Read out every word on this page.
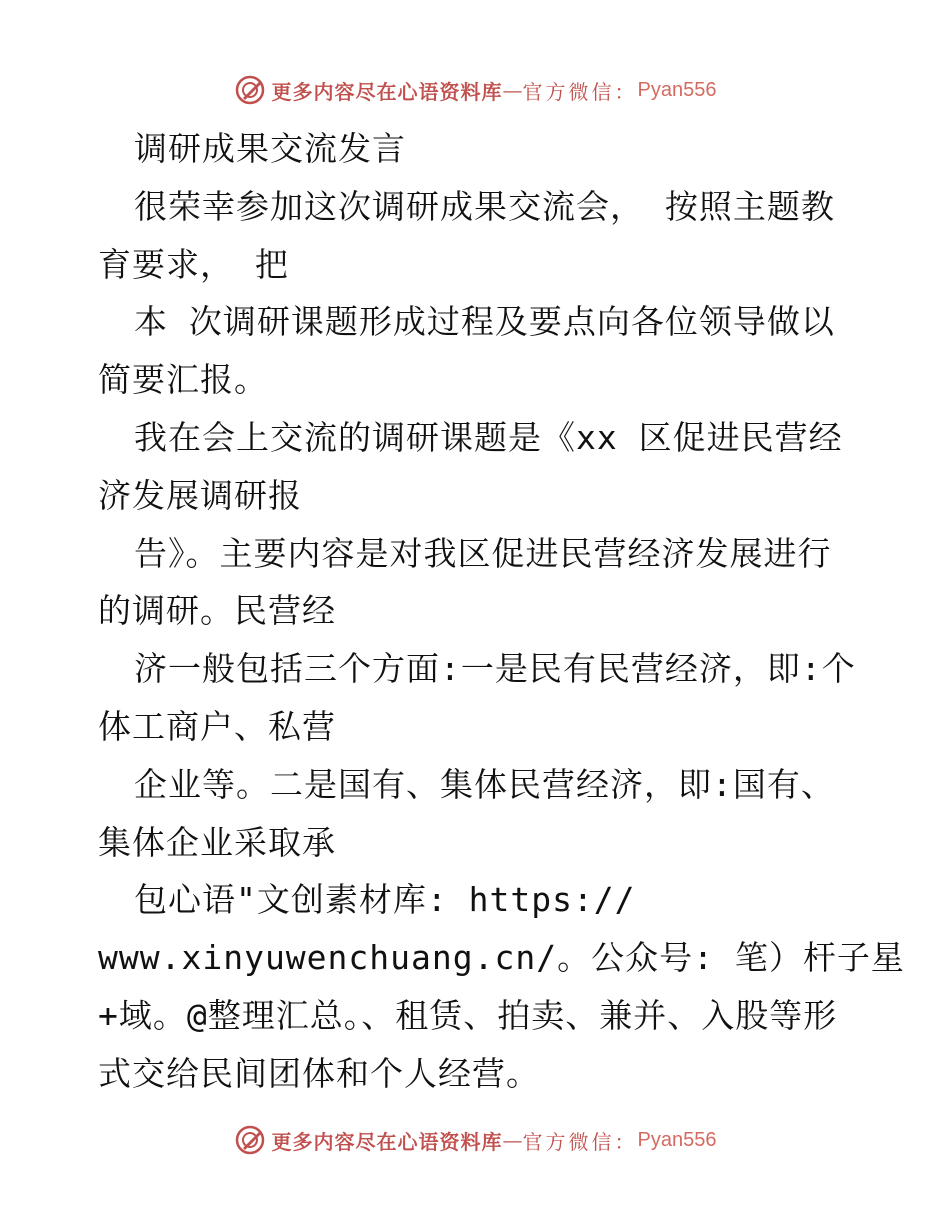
更多内容尽在心语资料库 — 官方微信： Pyan556
调研成果交流发言
很荣幸参加这次调研成果交流会， 按照主题教
育要求， 把
本 次调研课题形成过程及要点向各位领导做以
简要汇报。
我在会上交流的调研课题是《xx 区促进民营经
济发展调研报
告》。主要内容是对我区促进民营经济发展进行
的调研。民营经
济一般包括三个方面:一是民有民营经济，即:个
体工商户、私营
企业等。二是国有、集体民营经济，即:国有、
集体企业采取承
包心语"文创素材库: https://
www.xinyuwenchuang.cn/。公众号: 笔）杆子星
+域。@整理汇总。、租赁、拍卖、兼并、入股等形
式交给民间团体和个人经营。
更多内容尽在心语资料库 — 官方微信： Pyan556
